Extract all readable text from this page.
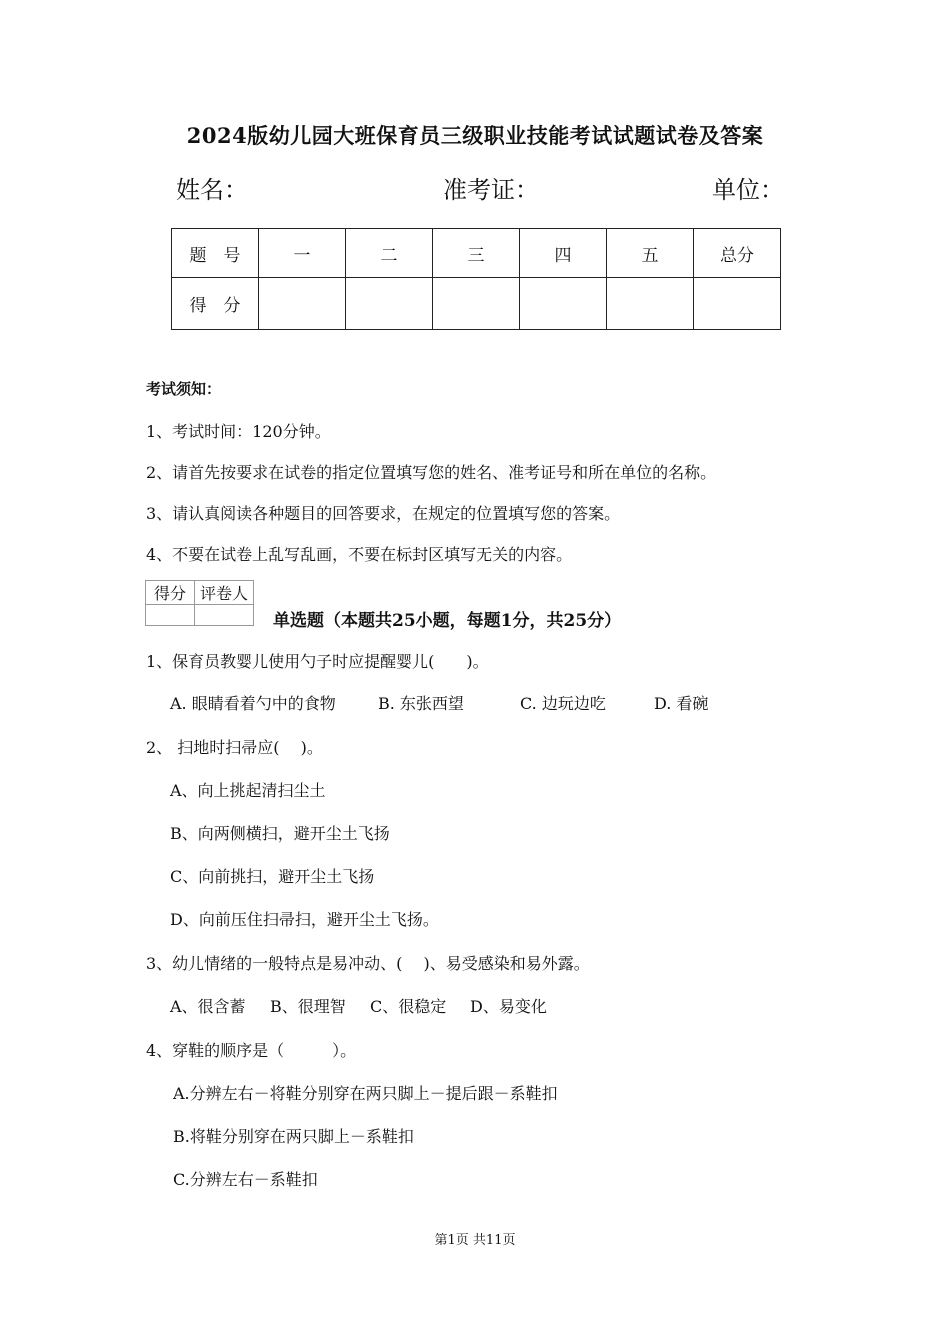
2024版幼儿园大班保育员三级职业技能考试试题试卷及答案
姓名：	准考证：	单位：
题　号	一	二	三	四	五	总分
得　分						
考试须知：
1、考试时间：120分钟。
2、请首先按要求在试卷的指定位置填写您的姓名、准考证号和所在单位的名称。
3、请认真阅读各种题目的回答要求，在规定的位置填写您的答案。
4、不要在试卷上乱写乱画，不要在标封区填写无关的内容。
得分	评卷人

单选题（本题共25小题，每题1分，共25分）
1、保育员教婴儿使用勺子时应提醒婴儿(　　)。
A. 眼睛看着勺中的食物	B. 东张西望	C. 边玩边吃	D. 看碗
2、 扫地时扫帚应(　 )。
A、向上挑起清扫尘土
B、向两侧横扫，避开尘土飞扬
C、向前挑扫，避开尘土飞扬
D、向前压住扫帚扫，避开尘土飞扬。
3、幼儿情绪的一般特点是易冲动、(　 )、易受感染和易外露。
A、很含蓄 B、很理智 C、很稳定 D、易变化
4、穿鞋的顺序是（　　　）。
A.分辨左右－将鞋分别穿在两只脚上－提后跟－系鞋扣
B.将鞋分别穿在两只脚上－系鞋扣
C.分辨左右－系鞋扣
第1页 共11页
